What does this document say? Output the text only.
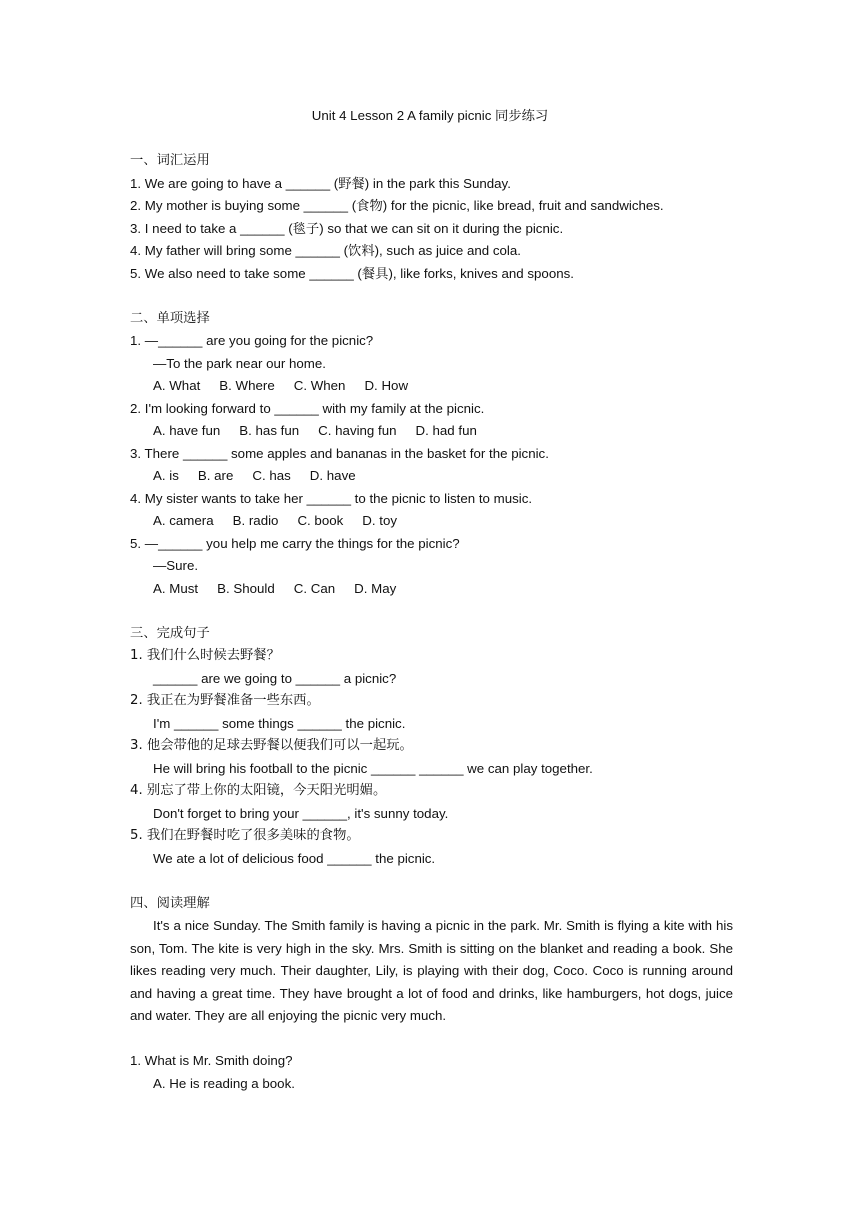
Unit 4 Lesson 2 A family picnic 同步练习
一、词汇运用
1. We are going to have a ______ (野餐) in the park this Sunday.
2. My mother is buying some ______ (食物) for the picnic, like bread, fruit and sandwiches.
3. I need to take a ______ (毯子) so that we can sit on it during the picnic.
4. My father will bring some ______ (饮料), such as juice and cola.
5. We also need to take some ______ (餐具), like forks, knives and spoons.
二、单项选择
1. —______ are you going for the picnic?
—To the park near our home.
A. What B. Where C. When D. How
2. I'm looking forward to ______ with my family at the picnic.
A. have fun B. has fun C. having fun D. had fun
3. There ______ some apples and bananas in the basket for the picnic.
A. is B. are C. has D. have
4. My sister wants to take her ______ to the picnic to listen to music.
A. camera B. radio C. book D. toy
5. —______ you help me carry the things for the picnic?
—Sure.
A. Must B. Should C. Can D. May
三、完成句子
1. 我们什么时候去野餐？
______ are we going to ______ a picnic?
2. 我正在为野餐准备一些东西。
I'm ______ some things ______ the picnic.
3. 他会带他的足球去野餐以便我们可以一起玩。
He will bring his football to the picnic ______ ______ we can play together.
4. 别忘了带上你的太阳镜，今天阳光明媚。
Don't forget to bring your ______, it's sunny today.
5. 我们在野餐时吃了很多美味的食物。
We ate a lot of delicious food ______ the picnic.
四、阅读理解
It's a nice Sunday. The Smith family is having a picnic in the park. Mr. Smith is flying a kite with his son, Tom. The kite is very high in the sky. Mrs. Smith is sitting on the blanket and reading a book. She likes reading very much. Their daughter, Lily, is playing with their dog, Coco. Coco is running around and having a great time. They have brought a lot of food and drinks, like hamburgers, hot dogs, juice and water. They are all enjoying the picnic very much.
1. What is Mr. Smith doing?
A. He is reading a book.
